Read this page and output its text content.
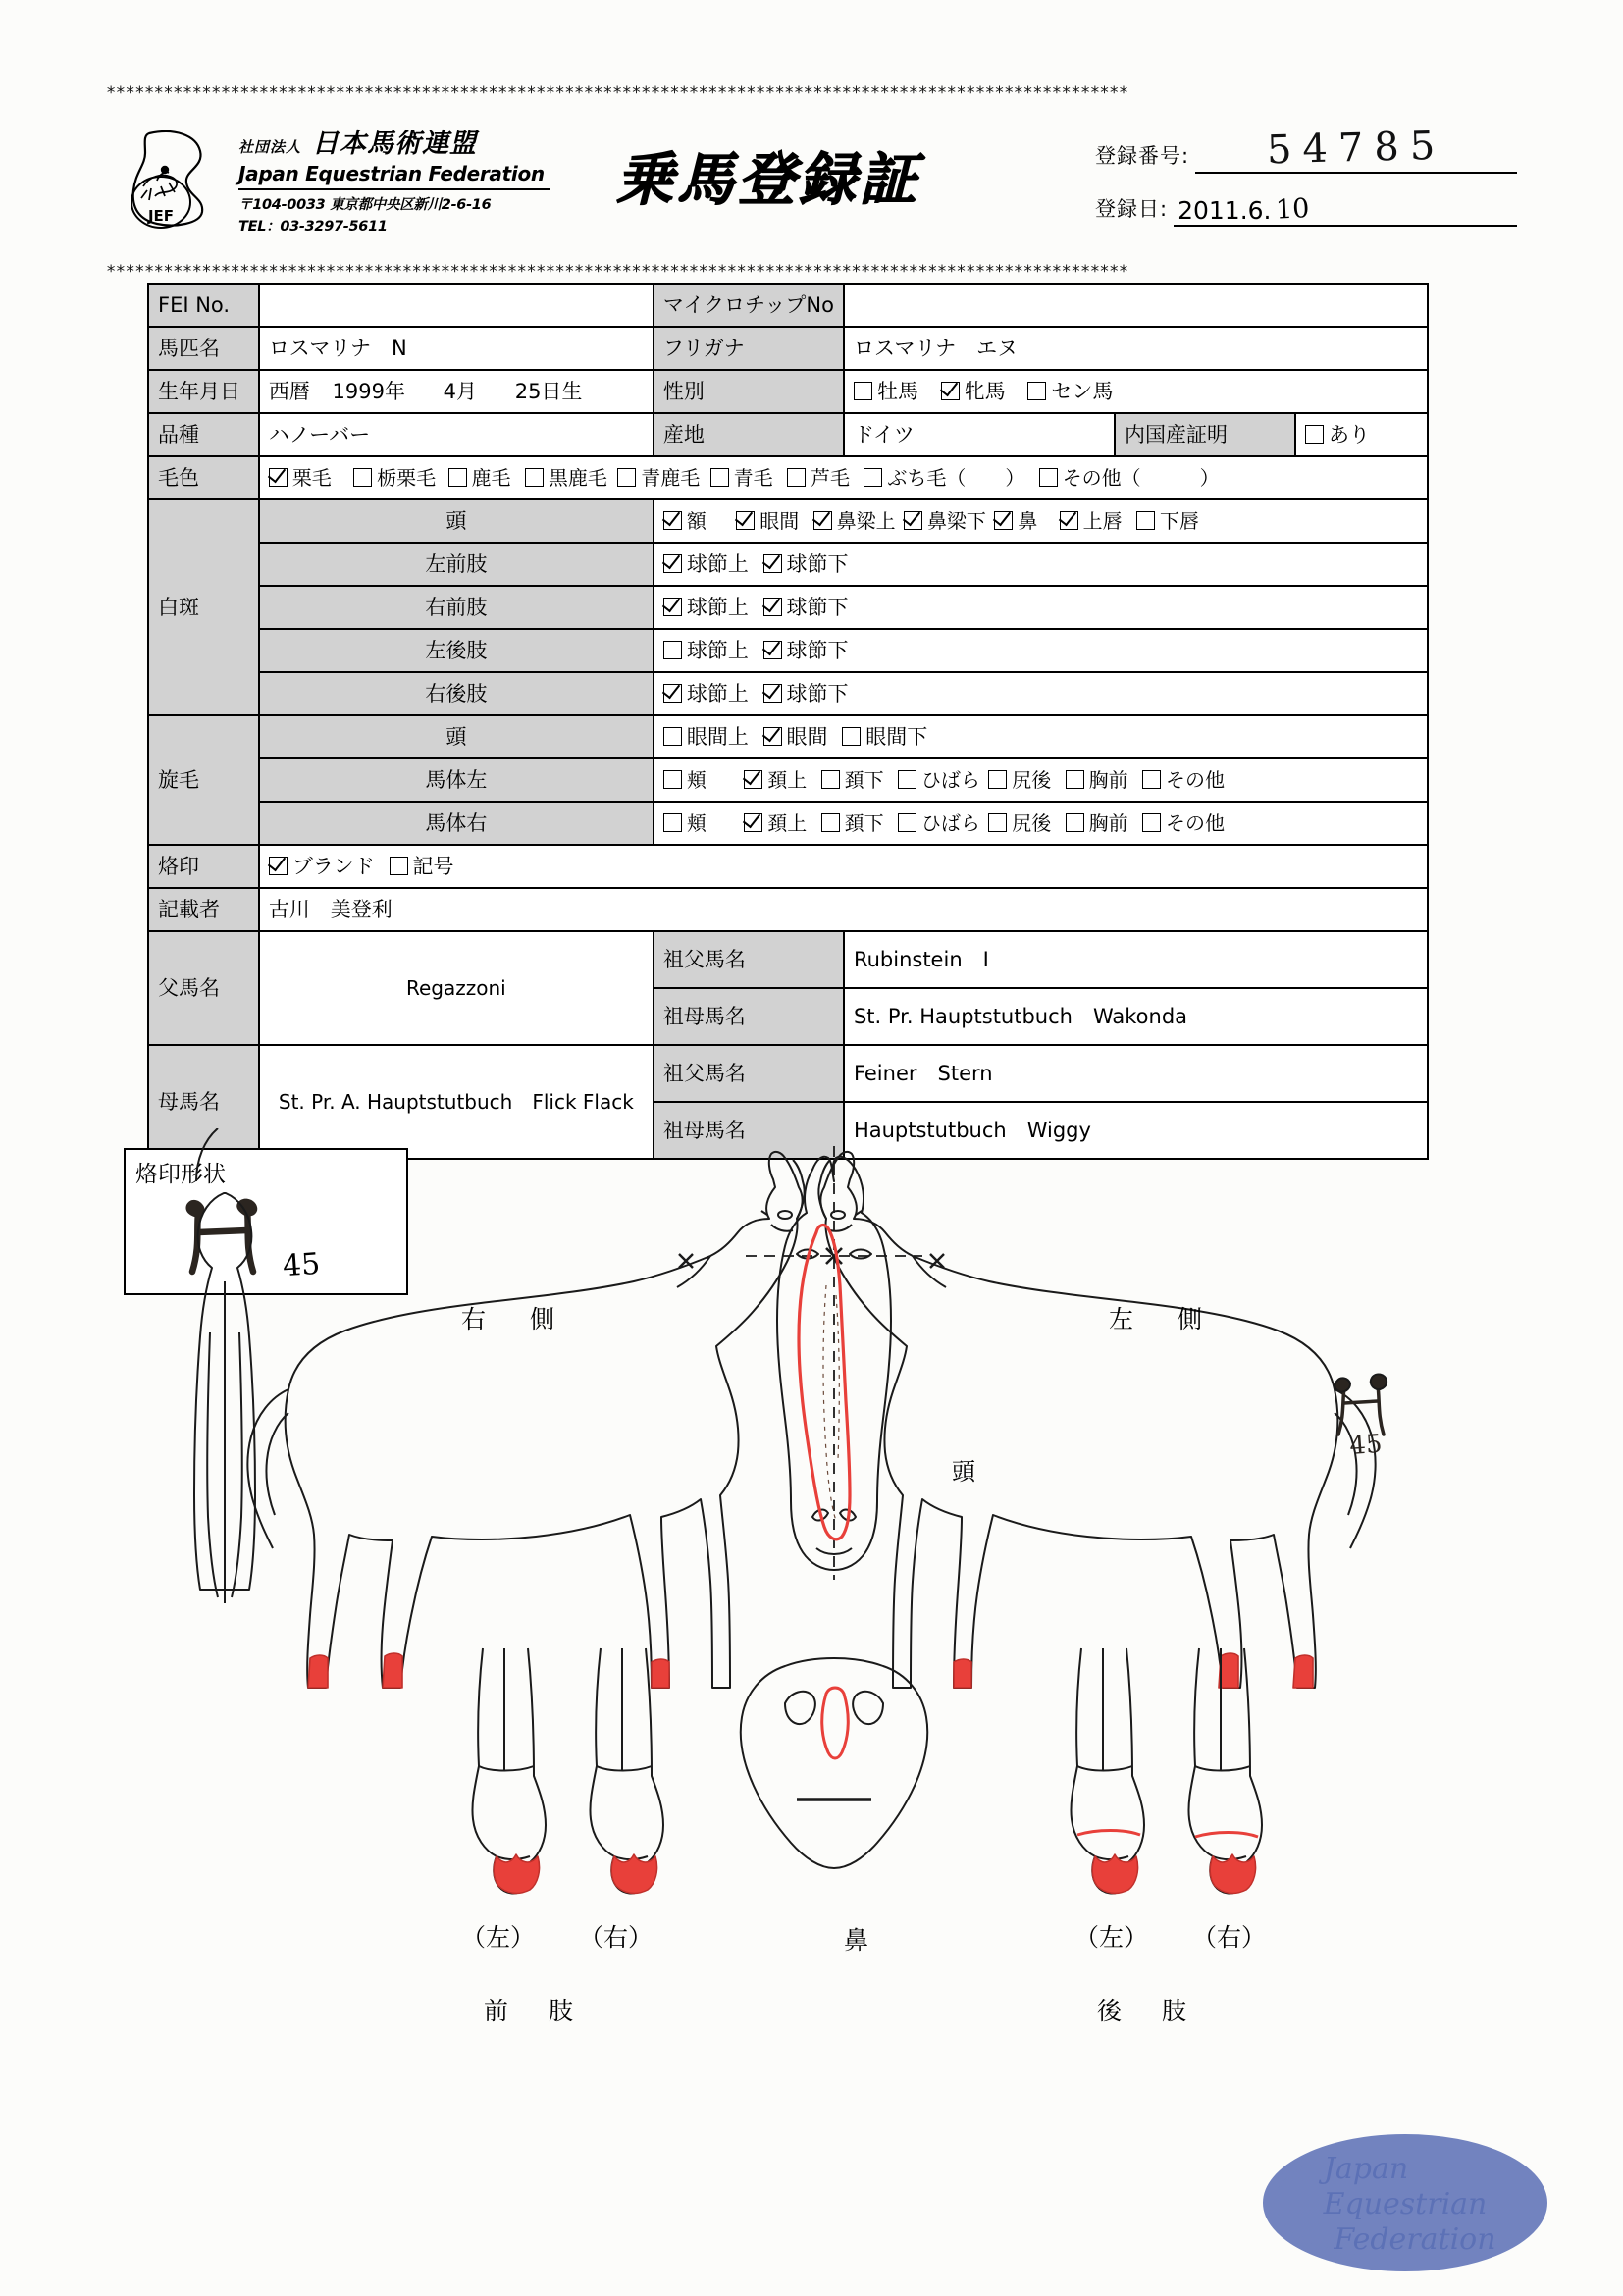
***********************************************************************************************************
JEF
社団法人 日本馬術連盟
Japan Equestrian Federation
〒104-0033 東京都中央区新川2-6-16
TEL：03-3297-5611
乗馬登録証	登録番号: 54785
登録日: 2011.6. 10
***********************************************************************************************************
FEI No.		マイクロチップNo			
馬匹名	ロスマリナ　N	フリガナ	ロスマリナ　エヌ		
生年月日	西暦 1999年 4月 25日生	性別	牡馬 牝馬 セン馬		
品種	ハノーバー	産地	ドイツ	内国産証明	あり
毛色	栗毛 栃栗毛 鹿毛 黒鹿毛 青鹿毛 青毛 芦毛 ぶち毛（　　） その他（　　　）				
白斑	頭	額 眼間 鼻梁上 鼻梁下 鼻 上唇 下唇			
	左前肢	球節上 球節下			
	右前肢	球節上 球節下			
	左後肢	球節上 球節下			
	右後肢	球節上 球節下			
旋毛	頭	眼間上 眼間 眼間下			
	馬体左	頬 頚上 頚下 ひばら 尻後 胸前 その他			
	馬体右	頬 頚上 頚下 ひばら 尻後 胸前 その他			
烙印	ブランド 記号				
記載者	古川　美登利				
父馬名	Regazzoni	祖父馬名	Rubinstein　Ⅰ		
		祖母馬名	St. Pr. Hauptstutbuch　Wakonda		
母馬名	St. Pr. A. Hauptstutbuch　Flick Flack	祖父馬名	Feiner　Stern		
		祖母馬名	Hauptstutbuch　Wiggy		
烙印形状
45
右　側	左　側
頭
45
（左） （右）
前　肢
鼻	（左） （右）
後　肢
Japan
Equestrian
Federation
